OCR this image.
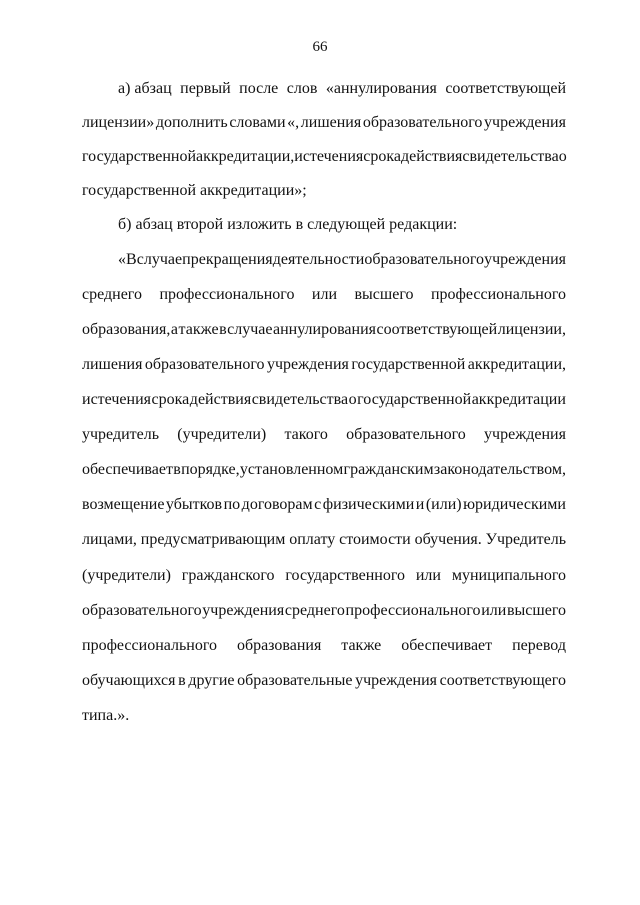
66
а) абзац первый после слов «аннулирования соответствующей
лицензии» дополнить словами «, лишения образовательного учреждения
государственной аккредитации, истечения срока действия свидетельства о
государственной аккредитации»;
б) абзац второй изложить в следующей редакции:
«В случае прекращения деятельности образовательного учреждения
среднего профессионального или высшего профессионального
образования, а также в случае аннулирования соответствующей лицензии,
лишения образовательного учреждения государственной аккредитации,
истечения срока действия свидетельства о государственной аккредитации
учредитель (учредители) такого образовательного учреждения
обеспечивает в порядке, установленном гражданским законодательством,
возмещение убытков по договорам с физическими и (или) юридическими
лицами, предусматривающим оплату стоимости обучения. Учредитель
(учредители) гражданского государственного или муниципального
образовательного учреждения среднего профессионального или высшего
профессионального образования также обеспечивает перевод
обучающихся в другие образовательные учреждения соответствующего
типа.».
